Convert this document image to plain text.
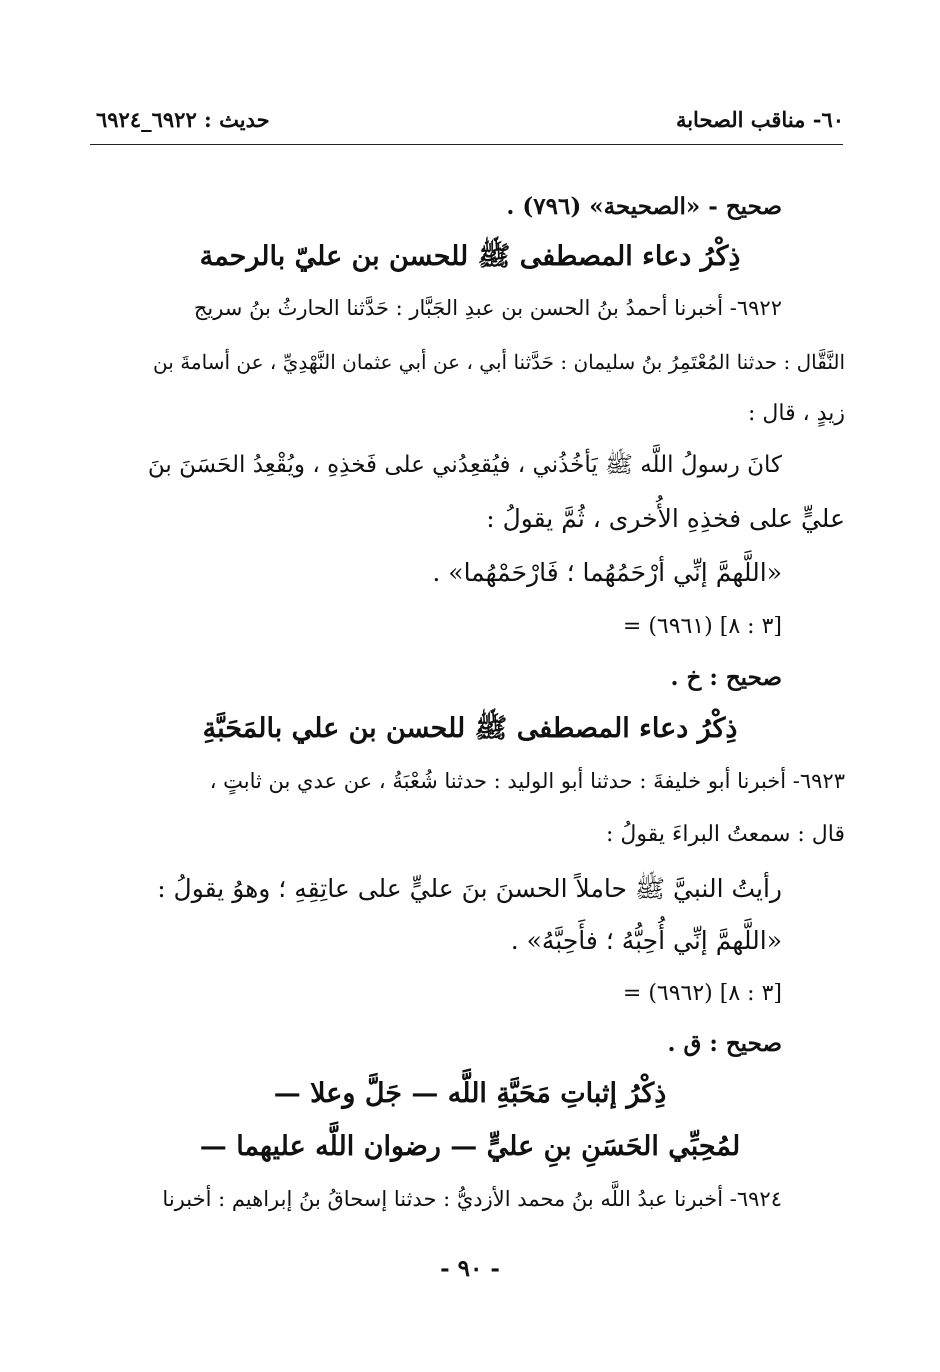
٦٠- مناقب الصحابة
حديث : ٦٩٢٢_٦٩٢٤
صحيح - «الصحيحة» (٧٩٦) .
ذِكْرُ دعاء المصطفى ﷺ للحسن بن عليّ بالرحمة
٦٩٢٢- أخبرنا أحمدُ بنُ الحسن بن عبدِ الجَبَّار : حَدَّثنا الحارثُ بنُ سريج
النَّقَّال : حدثنا المُعْتَمِرُ بنُ سليمان : حَدَّثنا أبي ، عن أبي عثمان النَّهْدِيِّ ، عن أسامةَ بن
زيدٍ ، قال :
كانَ رسولُ اللَّه ﷺ يَأخُذُني ، فيُقعِدُني على فَخذِهِ ، ويُقْعِدُ الحَسَنَ بنَ
عليٍّ على فخذِهِ الأُخرى ، ثُمَّ يقولُ :
«اللَّهمَّ إنِّي أرْحَمُهُما ؛ فَارْحَمْهُما» .
= (٦٩٦١) [٣ : ٨]
صحيح : خ .
ذِكْرُ دعاء المصطفى ﷺ للحسن بن علي بالمَحَبَّةِ
٦٩٢٣- أخبرنا أبو خليفةَ : حدثنا أبو الوليد : حدثنا شُعْبَةُ ، عن عدي بن ثابتٍ ،
قال : سمعتُ البراءَ يقولُ :
رأيتُ النبيَّ ﷺ حاملاً الحسنَ بنَ عليٍّ على عاتِقِهِ ؛ وهوُ يقولُ :
«اللَّهمَّ إنِّي أُحِبُّهُ ؛ فأَحِبَّهُ» .
= (٦٩٦٢) [٣ : ٨]
صحيح : ق .
ذِكْرُ إثباتِ مَحَبَّةِ اللَّه — جَلَّ وعلا —
لمُحِبِّي الحَسَنِ بنِ عليٍّ — رضوان اللَّه عليهما —
٦٩٢٤- أخبرنا عبدُ اللَّه بنُ محمد الأزديُّ : حدثنا إسحاقُ بنُ إبراهيم : أخبرنا
- ٩٠ -
